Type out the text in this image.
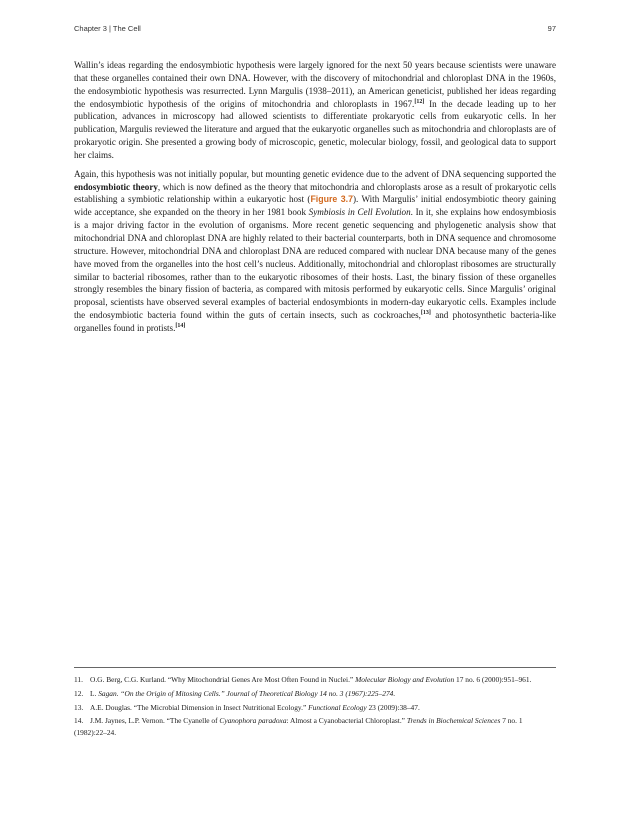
Chapter 3 | The Cell	97

Wallin’s ideas regarding the endosymbiotic hypothesis were largely ignored for the next 50 years because scientists were unaware that these organelles contained their own DNA. However, with the discovery of mitochondrial and chloroplast DNA in the 1960s, the endosymbiotic hypothesis was resurrected. Lynn Margulis (1938–2011), an American geneticist, published her ideas regarding the endosymbiotic hypothesis of the origins of mitochondria and chloroplasts in 1967.[12] In the decade leading up to her publication, advances in microscopy had allowed scientists to differentiate prokaryotic cells from eukaryotic cells. In her publication, Margulis reviewed the literature and argued that the eukaryotic organelles such as mitochondria and chloroplasts are of prokaryotic origin. She presented a growing body of microscopic, genetic, molecular biology, fossil, and geological data to support her claims.

Again, this hypothesis was not initially popular, but mounting genetic evidence due to the advent of DNA sequencing supported the endosymbiotic theory, which is now defined as the theory that mitochondria and chloroplasts arose as a result of prokaryotic cells establishing a symbiotic relationship within a eukaryotic host (Figure 3.7). With Margulis’ initial endosymbiotic theory gaining wide acceptance, she expanded on the theory in her 1981 book Symbiosis in Cell Evolution. In it, she explains how endosymbiosis is a major driving factor in the evolution of organisms. More recent genetic sequencing and phylogenetic analysis show that mitochondrial DNA and chloroplast DNA are highly related to their bacterial counterparts, both in DNA sequence and chromosome structure. However, mitochondrial DNA and chloroplast DNA are reduced compared with nuclear DNA because many of the genes have moved from the organelles into the host cell’s nucleus. Additionally, mitochondrial and chloroplast ribosomes are structurally similar to bacterial ribosomes, rather than to the eukaryotic ribosomes of their hosts. Last, the binary fission of these organelles strongly resembles the binary fission of bacteria, as compared with mitosis performed by eukaryotic cells. Since Margulis’ original proposal, scientists have observed several examples of bacterial endosymbionts in modern-day eukaryotic cells. Examples include the endosymbiotic bacteria found within the guts of certain insects, such as cockroaches,[13] and photosynthetic bacteria-like organelles found in protists.[14]

11. O.G. Berg, C.G. Kurland. “Why Mitochondrial Genes Are Most Often Found in Nuclei.” Molecular Biology and Evolution 17 no. 6 (2000):951–961.
12. L. Sagan. “On the Origin of Mitosing Cells.” Journal of Theoretical Biology 14 no. 3 (1967):225–274.
13. A.E. Douglas. “The Microbial Dimension in Insect Nutritional Ecology.” Functional Ecology 23 (2009):38–47.
14. J.M. Jaynes, L.P. Vernon. “The Cyanelle of Cyanophora paradoxa: Almost a Cyanobacterial Chloroplast.” Trends in Biochemical Sciences 7 no. 1 (1982):22–24.
